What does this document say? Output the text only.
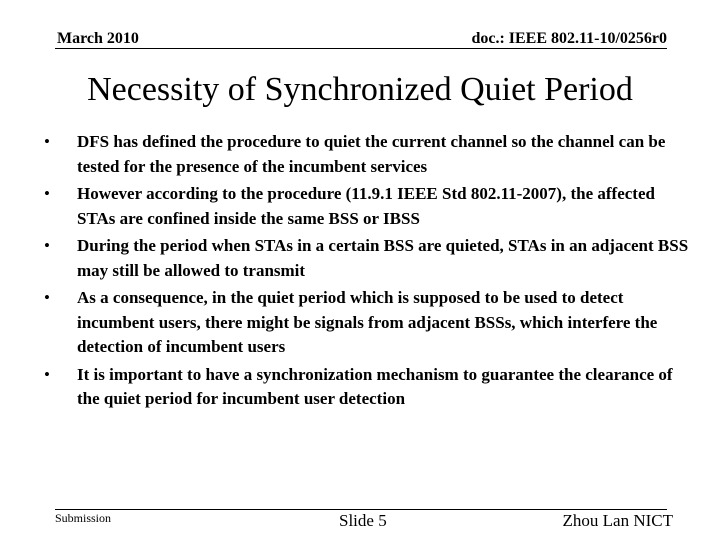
March 2010	doc.: IEEE 802.11-10/0256r0
Necessity of Synchronized Quiet Period
• DFS has defined the procedure to quiet the current channel so the channel can be tested for the presence of the incumbent services
• However according to the procedure (11.9.1 IEEE Std 802.11-2007), the affected STAs are confined inside the same BSS or IBSS
• During the period when STAs in a certain BSS are quieted, STAs in an adjacent BSS may still be allowed to transmit
• As a consequence, in the quiet period which is supposed to be used to detect incumbent users, there might be signals from adjacent BSSs, which interfere the detection of incumbent users
• It is important to have a synchronization mechanism to guarantee the clearance of the quiet period for incumbent user detection
Submission	Slide 5	Zhou Lan NICT
